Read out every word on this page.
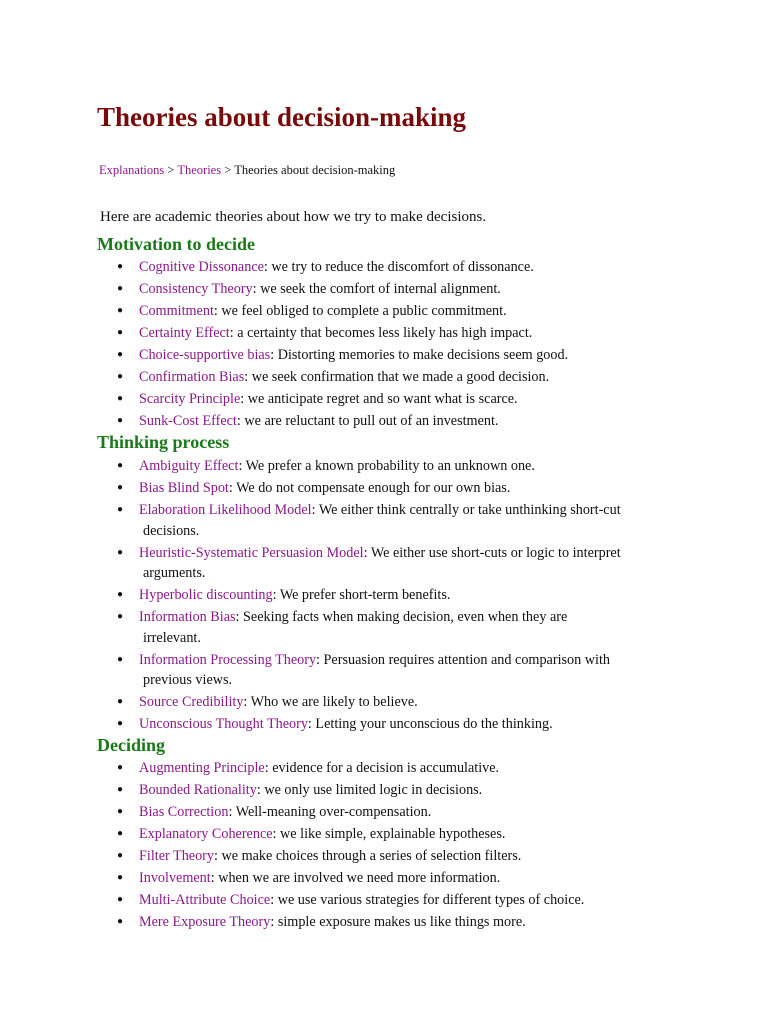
Theories about decision-making
Explanations > Theories > Theories about decision-making

Here are academic theories about how we try to make decisions.

Motivation to decide
● Cognitive Dissonance: we try to reduce the discomfort of dissonance.
● Consistency Theory: we seek the comfort of internal alignment.
● Commitment: we feel obliged to complete a public commitment.
● Certainty Effect: a certainty that becomes less likely has high impact.
● Choice-supportive bias: Distorting memories to make decisions seem good.
● Confirmation Bias: we seek confirmation that we made a good decision.
● Scarcity Principle: we anticipate regret and so want what is scarce.
● Sunk-Cost Effect: we are reluctant to pull out of an investment.
Thinking process
● Ambiguity Effect: We prefer a known probability to an unknown one.
● Bias Blind Spot: We do not compensate enough for our own bias.
● Elaboration Likelihood Model: We either think centrally or take unthinking short-cut
decisions.
● Heuristic-Systematic Persuasion Model: We either use short-cuts or logic to interpret
arguments.
● Hyperbolic discounting: We prefer short-term benefits.
● Information Bias: Seeking facts when making decision, even when they are
irrelevant.
● Information Processing Theory: Persuasion requires attention and comparison with
previous views.
● Source Credibility: Who we are likely to believe.
● Unconscious Thought Theory: Letting your unconscious do the thinking.
Deciding
● Augmenting Principle: evidence for a decision is accumulative.
● Bounded Rationality: we only use limited logic in decisions.
● Bias Correction: Well-meaning over-compensation.
● Explanatory Coherence: we like simple, explainable hypotheses.
● Filter Theory: we make choices through a series of selection filters.
● Involvement: when we are involved we need more information.
● Multi-Attribute Choice: we use various strategies for different types of choice.
● Mere Exposure Theory: simple exposure makes us like things more.
